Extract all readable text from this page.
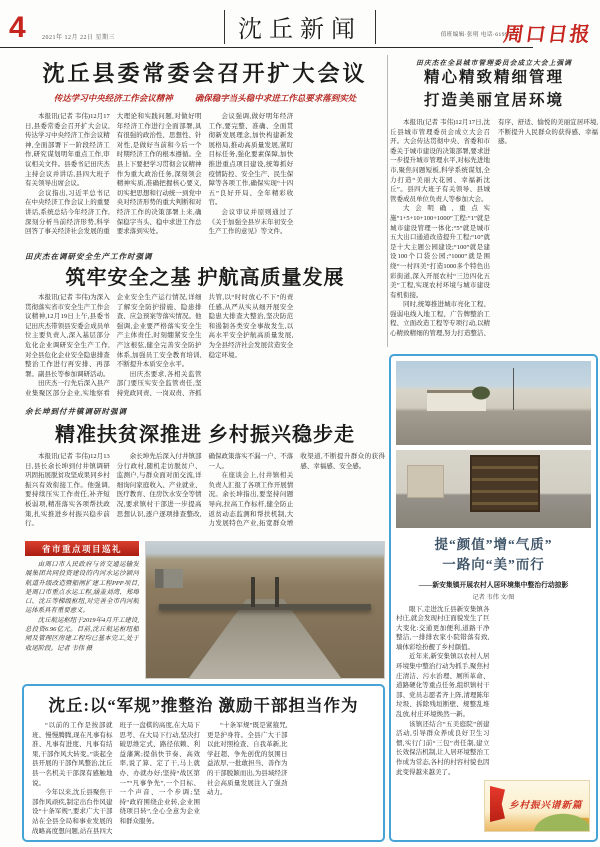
4	2021年 12月 22日 星期三	沈丘新闻	值班编辑·张明 电话·6199503
周口日报
沈丘县委常委会召开扩大会议
传达学习中央经济工作会议精神	确保稳字当头稳中求进工作总要求落到实处

本报讯(记者 韦伟)12月17日,县委常委会召开扩大会议,传达学习中央经济工作会议精神,全面部署下一阶段经济工作,研究谋划明年重点工作,审议相关文件。县委书记田庆杰主持会议并讲话,县四大班子有关领导出席会议。

会议指出,习近平总书记在中央经济工作会议上的重要讲话,系统总结今年经济工作,深刻分析当前经济形势,科学回答了事关经济社会发展的重大理论和实践问题,对做好明年经济工作进行全面部署,具有很强的政治性、思想性、针对性,是做好当前和今后一个时期经济工作的根本遵循。全县上下要把学习贯彻会议精神作为重大政治任务,深刻领会精神实质,准确把握核心要义,切实把思想和行动统一到党中央对经济形势的重大判断和对经济工作的决策部署上来,确保稳字当头、稳中求进工作总要求落到实处。

会议强调,做好明年经济工作,要完整、准确、全面贯彻新发展理念,加快构建新发展格局,推动高质量发展,紧盯目标任务,强化要素保障,加快推进重点项目建设,统筹抓好疫情防控、安全生产、民生保障等各项工作,确保实现“十四五”良好开局、全年精彩收官。

会议审议并原则通过了《关于加强全县岁末年初安全生产工作的意见》等文件。

田庆杰在调研安全生产工作时强调
筑牢安全之基 护航高质量发展

本报讯(记者 韦伟)为深入贯彻落实省市安全生产工作会议精神,12月19日上午,县委书记田庆杰带领县安委会成员单位主要负责人,深入基层部分危化企业调研安全生产工作,对全县危化企业安全隐患排查整治工作进行再安排、再部署。副县长等参加调研活动。

田庆杰一行先后深入县产业集聚区部分企业,实地察看企业安全生产运行情况,详细了解安全防护措施、隐患排查、应急预案等落实情况。他强调,企业要严格落实安全生产主体责任,时刻绷紧安全生产这根弦,健全完善安全防护体系,加强员工安全教育培训,不断提升本质安全水平。

田庆杰要求,各相关监管部门要压实安全监管责任,坚持党政同责、一岗双责、齐抓共管,以“时时放心不下”的责任感,从严从实从细开展安全隐患大排查大整治,坚决防范和遏制各类安全事故发生,以高水平安全护航高质量发展,为全县经济社会发展营造安全稳定环境。

余长坤到付井镇调研时强调
精准扶贫深推进 乡村振兴稳步走

本报讯(记者 韦伟)12月13日,县长余长坤到付井镇调研巩固拓展脱贫攻坚成果同乡村振兴有效衔接工作。他强调,要持续压实工作责任,补齐短板弱项,精准落实各项帮扶政策,扎实推进乡村振兴稳步前行。

余长坤先后深入付井镇部分行政村,随机走访脱贫户、监测户,与群众面对面交流,详细询问家庭收入、产业就业、医疗教育、住房饮水安全等情况,要求镇村干部进一步提高思想认识,逐户逐项排查整改,确保政策落实不漏一户、不落一人。

在座谈会上,付井镇相关负责人汇报了各项工作开展情况。余长坤指出,要坚持问题导向,拉高工作标杆,健全防止返贫动态监测和帮扶机制,大力发展特色产业,拓宽群众增收渠道,不断提升群众的获得感、幸福感、安全感。

省市重点项目巡礼

由周口市人民政府与省交通运输发展集团共同投资建设的内河水运沙颍河航道升级改造暨船闸扩建工程PPP项目,是周口市重点水运工程,涵盖刘湾、郑埠口、沈丘等梯级枢纽,对完善全市内河航运体系具有重要意义。

沈丘航运枢纽于2019年4月开工建设,总投资6.96亿元。目前,沈丘航运枢纽船闸及管理区房建工程均已基本完工,处于收尾阶段。记者 韦伟 摄

沈丘:以“军规”推整治 激励干部担当作为

“以前的工作是按部就班、慢慢腾腾,现在凡事有标准、凡事有进度、凡事有结果,干部作风大转变。”谈起全县开展的干部作风整治,沈丘县一名机关干部深有感触地说。

今年以来,沈丘县聚焦干部作风顽疾,制定出台作风建设“十条军规”,要求广大干部站在全县全局和事业发展的战略高度想问题,站在县四大班子一盘棋的高度,在大局下思考、在大局下行动,坚决打破思维定式、路径依赖、利益藩篱;提倡快节奏、高效率,说了算、定了干,马上就办、办就办好;坚持“战区第一”“凡事争先”,一个目标、一个声音、一个步调;坚持“政府围绕企业转,企业围绕项目转”,全心全意为企业和群众服务。

“十条军规”既是紧箍咒,更是护身符。全县广大干部以此对照检查、自我革新,比学赶超、争先创优的氛围日益浓厚,一批敢担当、善作为的干部脱颖而出,为县域经济社会高质量发展注入了强劲动力。

田庆杰在全县城市管理委员会成立大会上强调
精心精致精细管理
打造美丽宜居环境

本报讯(记者 韦伟)12月17日,沈丘县城市管理委员会成立大会召开。大会传达贯彻中央、省委和市委关于城市建设的决策部署,要求进一步提升城市管理水平,对标先进地市,聚焦问题短板,科学系统谋划,全力打造“美丽大花园、幸福新沈丘”。县四大班子有关领导、县城管委成员单位负责人等参加大会。

大会明确,重点实施“1+5+10+100+1000”工程:“1”就是城市建设管理一体化;“5”就是城市五大出口通道改造提升工程;“10”就是十大主题公园建设;“100”就是建设100个口袋公园;“1000”就是围绕“一村四美”打造1000多个特色出彩街道,深入开展农村“三边四化五美”工程,实现农村环境与城市建设有机衔接。

同时,统筹推进城市亮化工程、强弱电线入地工程、广告牌整治工程、立面改造工程等专项行动,以精心精致精细的管理,努力打造整洁、有序、舒适、愉悦的美丽宜居环境,不断提升人民群众的获得感、幸福感。

提“颜值”增“气质”
一路向“美”而行
——新安集镇开展农村人居环境集中整治行动掠影
记者 韦伟 文/图

眼下,走进沈丘县新安集镇各村庄,就会发现村庄面貌发生了巨大变化:交通更加便利,道路干净整洁,一排排农家小院错落有致,墙体彩绘扮靓了乡村颜值。

近年来,新安集镇以农村人居环境集中整治行动为抓手,聚焦村庄清洁、污水治理、厕所革命、道路硬化等重点任务,组织镇村干部、党员志愿者齐上阵,清理陈年垃圾、拆除残垣断壁、规整乱堆乱放,村庄环境焕然一新。

该镇还结合“五美庭院”创建活动,引导群众养成良好卫生习惯,实行门前“三包”责任制,建立长效保洁机制,让人居环境整治工作成为常态,各村的村容村貌也因此变得越来越美了。

乡村振兴谱新篇
